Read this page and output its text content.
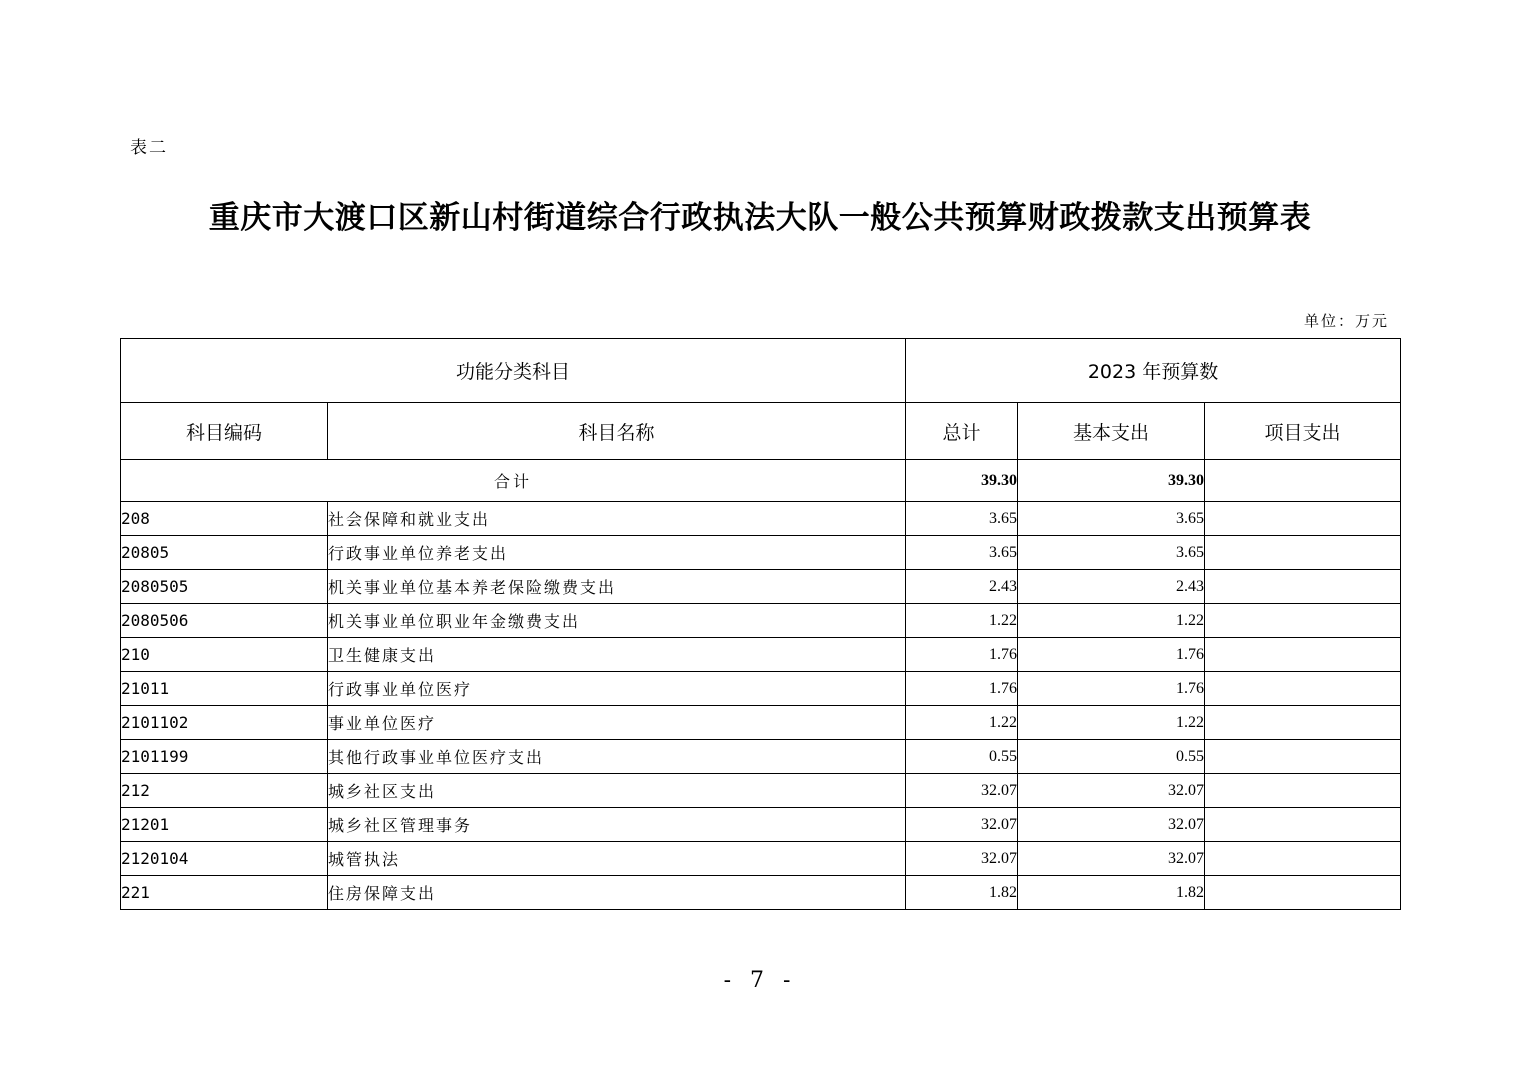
表二
重庆市大渡口区新山村街道综合行政执法大队一般公共预算财政拨款支出预算表
单位：万元
功能分类科目		2023 年预算数		
科目编码	科目名称	总计	基本支出	项目支出
合计		39.30	39.30	
208	社会保障和就业支出	3.65	3.65	
20805	行政事业单位养老支出	3.65	3.65	
2080505	机关事业单位基本养老保险缴费支出	2.43	2.43	
2080506	机关事业单位职业年金缴费支出	1.22	1.22	
210	卫生健康支出	1.76	1.76	
21011	行政事业单位医疗	1.76	1.76	
2101102	事业单位医疗	1.22	1.22	
2101199	其他行政事业单位医疗支出	0.55	0.55	
212	城乡社区支出	32.07	32.07	
21201	城乡社区管理事务	32.07	32.07	
2120104	城管执法	32.07	32.07	
221	住房保障支出	1.82	1.82	
- 7 -
